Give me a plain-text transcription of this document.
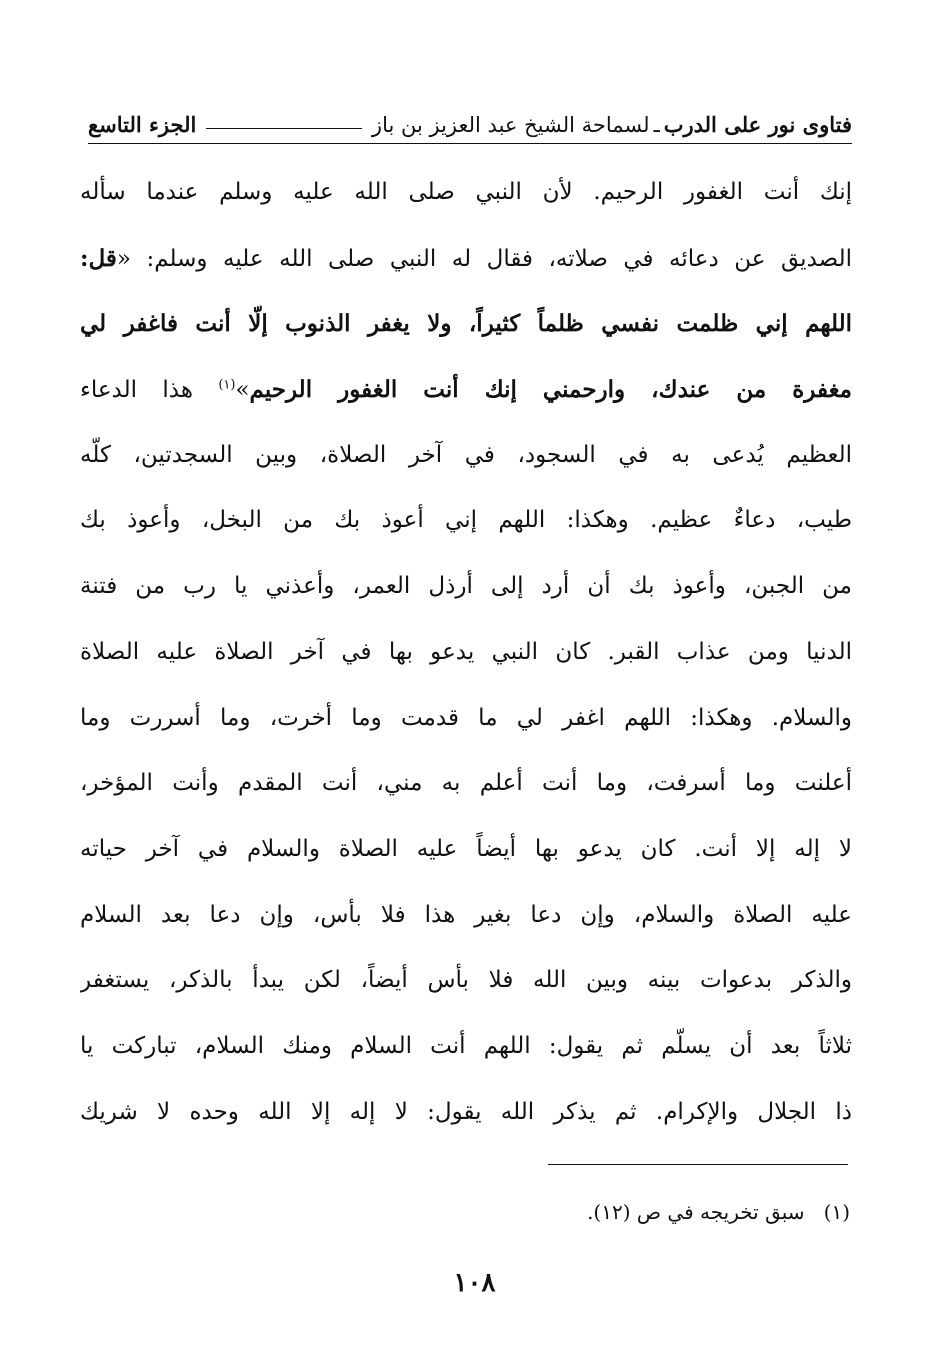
فتاوى نور على الدرب
ـ
لسماحة الشيخ عبد العزيز بن باز
الجزء التاسع
إنك أنت الغفور الرحيم. لأن النبي صلى الله عليه وسلم عندما سأله
الصديق عن دعائه في صلاته، فقال له النبي صلى الله عليه وسلم: «قل:
اللهم إني ظلمت نفسي ظلماً كثيراً، ولا يغفر الذنوب إلّا أنت فاغفر لي
مغفرة من عندك، وارحمني إنك أنت الغفور الرحيم»$^{(١)}$ هذا الدعاء
العظيم يُدعى به في السجود، في آخر الصلاة، وبين السجدتين، كلّه
طيب، دعاءٌ عظيم. وهكذا: اللهم إني أعوذ بك من البخل، وأعوذ بك
من الجبن، وأعوذ بك أن أرد إلى أرذل العمر، وأعذني يا رب من فتنة
الدنيا ومن عذاب القبر. كان النبي يدعو بها في آخر الصلاة عليه الصلاة
والسلام. وهكذا: اللهم اغفر لي ما قدمت وما أخرت، وما أسررت وما
أعلنت وما أسرفت، وما أنت أعلم به مني، أنت المقدم وأنت المؤخر،
لا إله إلا أنت. كان يدعو بها أيضاً عليه الصلاة والسلام في آخر حياته
عليه الصلاة والسلام، وإن دعا بغير هذا فلا بأس، وإن دعا بعد السلام
والذكر بدعوات بينه وبين الله فلا بأس أيضاً، لكن يبدأ بالذكر، يستغفر
ثلاثاً بعد أن يسلّم ثم يقول: اللهم أنت السلام ومنك السلام، تباركت يا
ذا الجلال والإكرام. ثم يذكر الله يقول: لا إله إلا الله وحده لا شريك
(١)   سبق تخريجه في ص (١٢).
١٠٨
